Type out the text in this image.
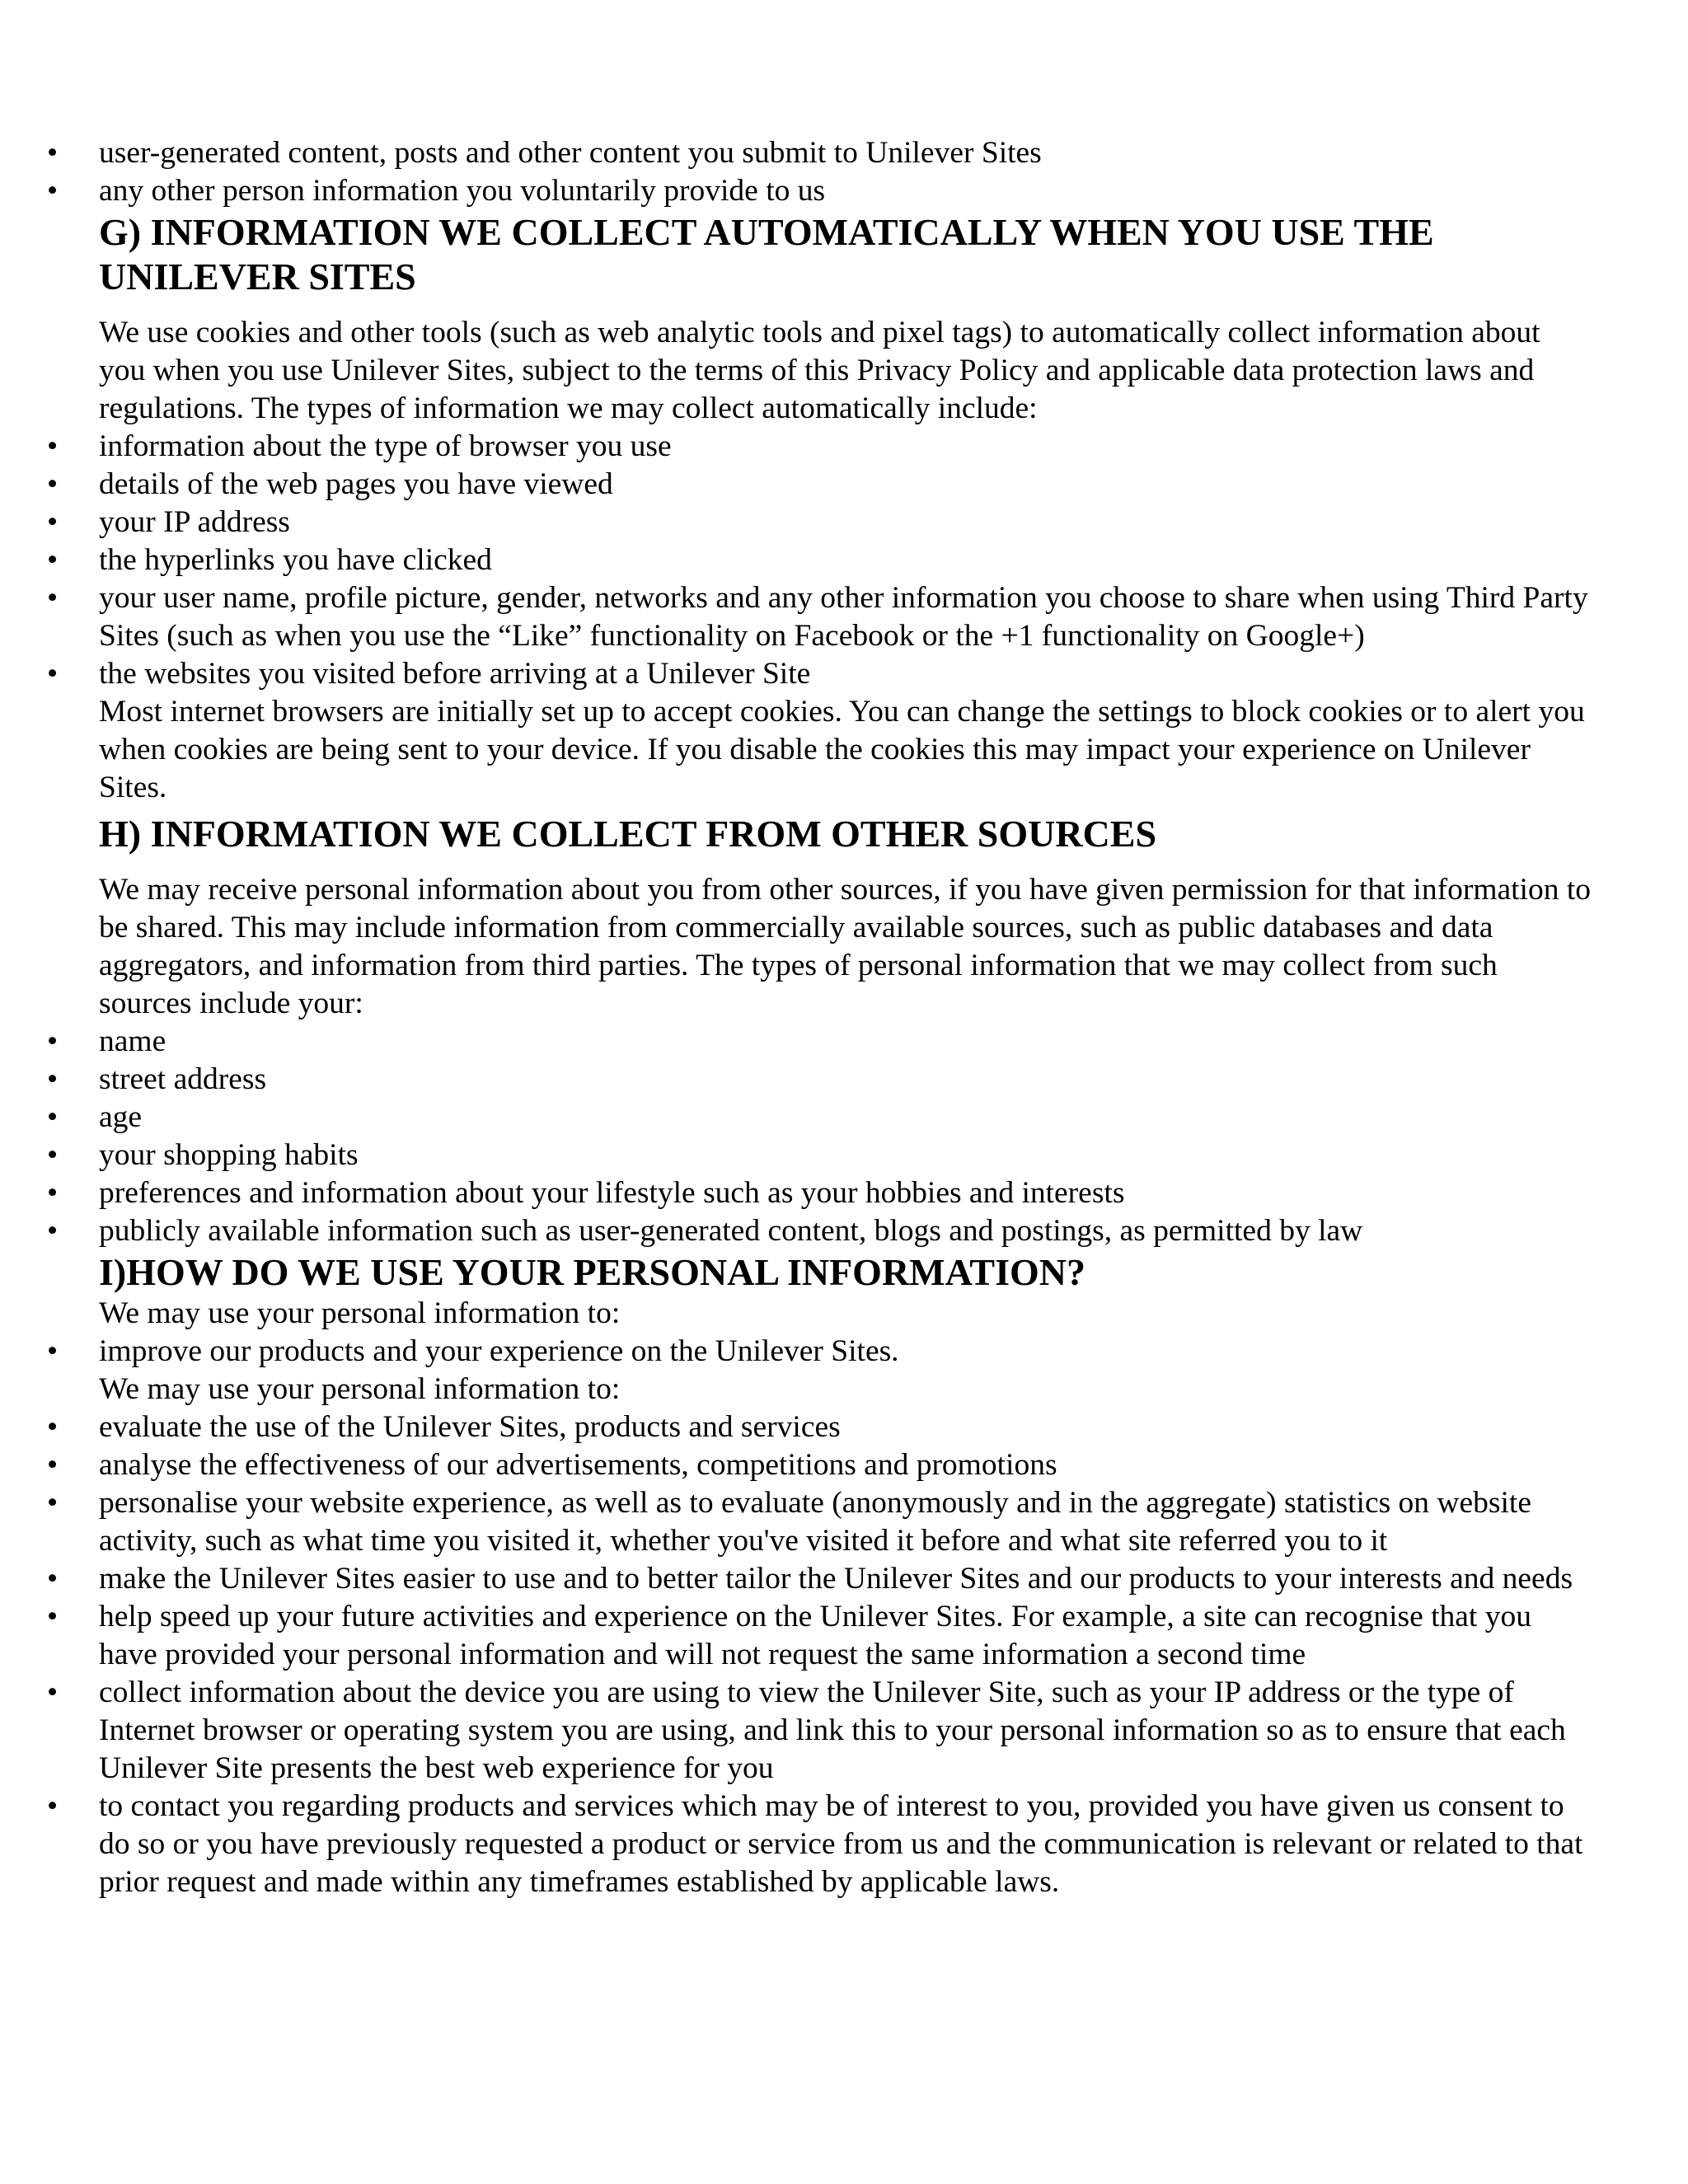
• user-generated content, posts and other content you submit to Unilever Sites
• any other person information you voluntarily provide to us
G) INFORMATION WE COLLECT AUTOMATICALLY WHEN YOU USE THE UNILEVER SITES
We use cookies and other tools (such as web analytic tools and pixel tags) to automatically collect information about you when you use Unilever Sites, subject to the terms of this Privacy Policy and applicable data protection laws and regulations. The types of information we may collect automatically include:
• information about the type of browser you use
• details of the web pages you have viewed
• your IP address
• the hyperlinks you have clicked
• your user name, profile picture, gender, networks and any other information you choose to share when using Third Party Sites (such as when you use the “Like” functionality on Facebook or the +1 functionality on Google+)
• the websites you visited before arriving at a Unilever Site
Most internet browsers are initially set up to accept cookies. You can change the settings to block cookies or to alert you when cookies are being sent to your device. If you disable the cookies this may impact your experience on Unilever Sites.
H) INFORMATION WE COLLECT FROM OTHER SOURCES
We may receive personal information about you from other sources, if you have given permission for that information to be shared. This may include information from commercially available sources, such as public databases and data aggregators, and information from third parties. The types of personal information that we may collect from such sources include your:
• name
• street address
• age
• your shopping habits
• preferences and information about your lifestyle such as your hobbies and interests
• publicly available information such as user-generated content, blogs and postings, as permitted by law
I)HOW DO WE USE YOUR PERSONAL INFORMATION?
We may use your personal information to:
• improve our products and your experience on the Unilever Sites.
We may use your personal information to:
• evaluate the use of the Unilever Sites, products and services
• analyse the effectiveness of our advertisements, competitions and promotions
• personalise your website experience, as well as to evaluate (anonymously and in the aggregate) statistics on website activity, such as what time you visited it, whether you've visited it before and what site referred you to it
• make the Unilever Sites easier to use and to better tailor the Unilever Sites and our products to your interests and needs
• help speed up your future activities and experience on the Unilever Sites. For example, a site can recognise that you have provided your personal information and will not request the same information a second time
• collect information about the device you are using to view the Unilever Site, such as your IP address or the type of Internet browser or operating system you are using, and link this to your personal information so as to ensure that each Unilever Site presents the best web experience for you
• to contact you regarding products and services which may be of interest to you, provided you have given us consent to do so or you have previously requested a product or service from us and the communication is relevant or related to that prior request and made within any timeframes established by applicable laws.
